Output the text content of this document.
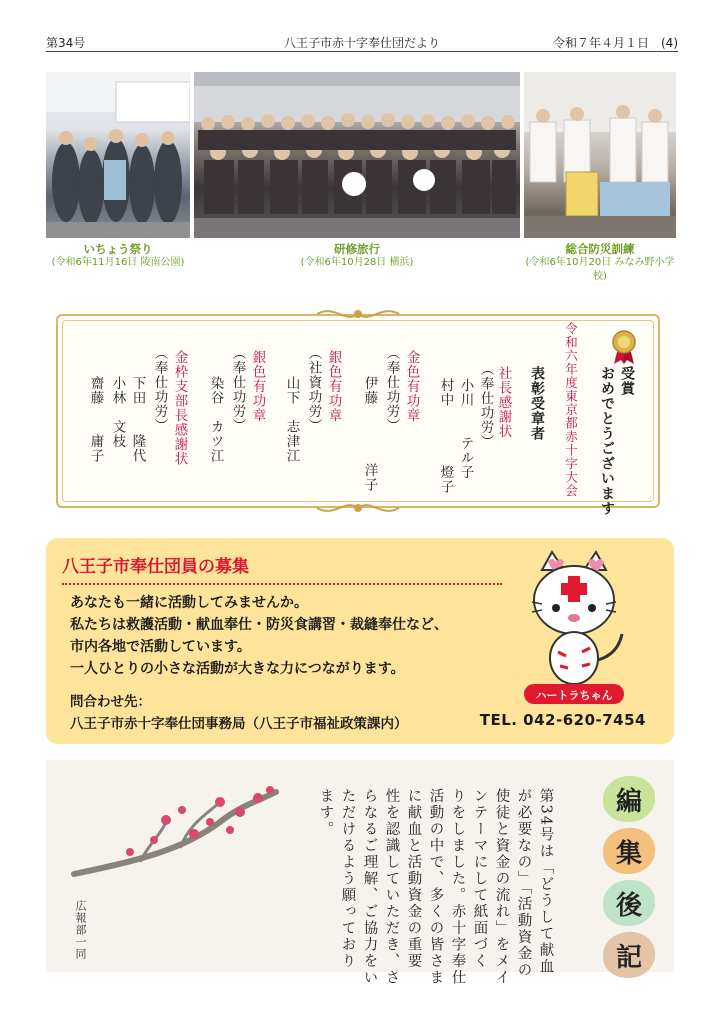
第34号	八王子市赤十字奉仕団だより	令和７年４月１日　(4)
いちょう祭り
(令和6年11月16日 陵南公園)
研修旅行
(令和6年10月28日 横浜)
総合防災訓練
(令和6年10月20日 みなみ野小学校)
令和六年度東京都赤十字大会	受賞
おめでとうございます
表彰受章者
社長感謝状
（奉仕功労）
小川　　テル子
村中　　　　燈子
金色有功章
（奉仕功労）
伊藤　　　　洋子
銀色有功章
（社資功労）
山下　志津江
銀色有功章
（奉仕功労）
染谷　カツ江
金枠支部長感謝状
（奉仕功労）
下田　　隆代
小林　文枝
齋藤　　庸子
八王子市奉仕団員の募集
あなたも一緒に活動してみませんか。
私たちは救護活動・献血奉仕・防災食講習・裁縫奉仕など、
市内各地で活動しています。
一人ひとりの小さな活動が大きな力につながります。
問合わせ先：
八王子市赤十字奉仕団事務局（八王子市福祉政策課内）	TEL. 042-620-7454
ハートラちゃん
第34号は「どうして献血
が必要なの」「活動資金の
使徒と資金の流れ」をメイ
ンテーマにして紙面づく
りをしました。赤十字奉仕
活動の中で、多くの皆さま
に献血と活動資金の重要
性を認識していただき、さ
らなるご理解、ご協力をい
ただけるよう願っており
ます。
広報部一同
編
集
後
記
